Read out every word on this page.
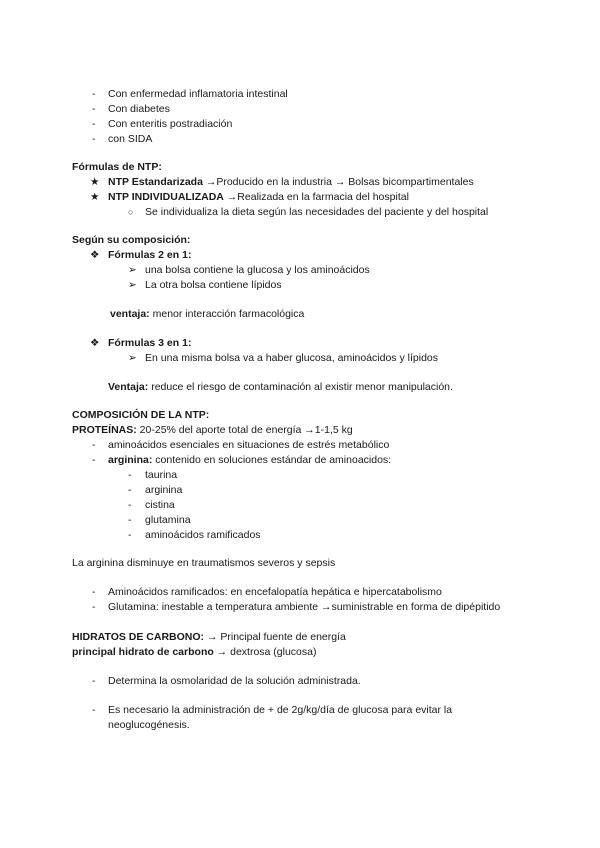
- Con enfermedad inflamatoria intestinal
- Con diabetes
- Con enteritis postradiación
- con SIDA
Fórmulas de NTP:
★ NTP Estandarizada →Producido en la industria → Bolsas bicompartimentales
★ NTP INDIVIDUALIZADA →Realizada en la farmacia del hospital
○ Se individualiza la dieta según las necesidades del paciente y del hospital
Según su composición:
❖ Fórmulas 2 en 1:
➢ una bolsa contiene la glucosa y los aminoácidos
➢ La otra bolsa contiene lípidos
ventaja: menor interacción farmacológica
❖ Fórmulas 3 en 1:
➢ En una misma bolsa va a haber glucosa, aminoácidos y lípidos
Ventaja: reduce el riesgo de contaminación al existir menor manipulación.
COMPOSICIÓN DE LA NTP:
PROTEÍNAS: 20-25% del aporte total de energía →1-1,5 kg
- aminoácidos esenciales en situaciones de estrés metabólico
- arginina: contenido en soluciones estándar de aminoacidos:
- taurina
- arginina
- cistina
- glutamina
- aminoácidos ramificados
La arginina disminuye en traumatismos severos y sepsis
- Aminoácidos ramificados: en encefalopatía hepática e hipercatabolismo
- Glutamina: inestable a temperatura ambiente →suministrable en forma de dipépitido
HIDRATOS DE CARBONO: → Principal fuente de energía
principal hidrato de carbono → dextrosa (glucosa)
- Determina la osmolaridad de la solución administrada.
- Es necesario la administración de + de 2g/kg/día de glucosa para evitar la
neoglucogénesis.
